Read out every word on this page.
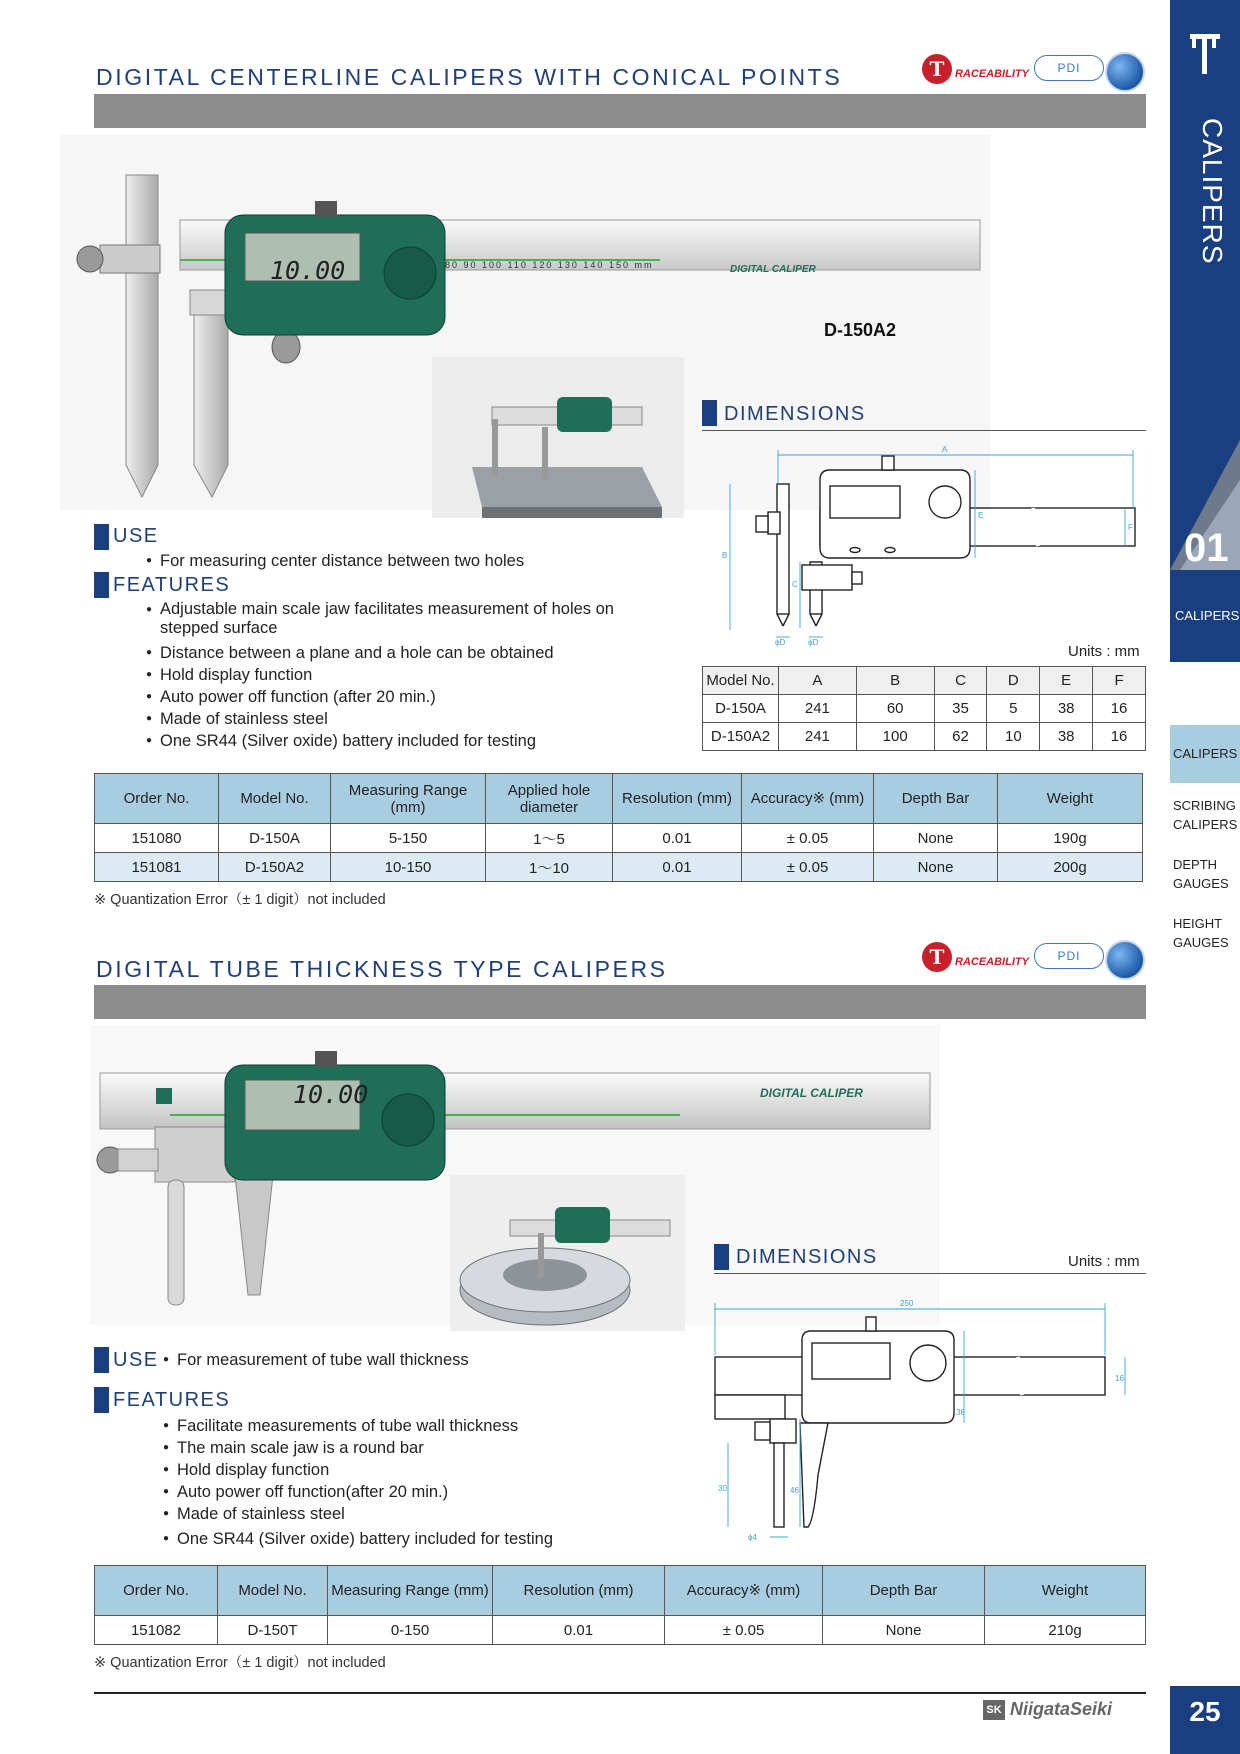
CALIPERS
01
CALIPERS
CALIPERS
SCRIBING CALIPERS
DEPTH GAUGES
HEIGHT GAUGES
DIGITAL CENTERLINE CALIPERS WITH CONICAL POINTS	T RACEABILITY	PDI
10.00	80 90 100 110 120 130 140 150 mm	DIGITAL CALIPER
D-150A2
DIMENSIONS
A
B
C
E
F
ϕD	ϕD
Units : mm
Model No.	A	B	C	D	E	F
D-150A	241	60	35	5	38	16
D-150A2	241	100	62	10	38	16
USE
● For measuring center distance between two holes
FEATURES
● Adjustable main scale jaw facilitates measurement of holes on stepped surface
● Distance between a plane and a hole can be obtained
● Hold display function
● Auto power off function (after 20 min.)
● Made of stainless steel
● One SR44 (Silver oxide) battery included for testing
Order No.	Model No.	Measuring Range (mm)	Applied hole diameter	Resolution (mm)	Accuracy※ (mm)	Depth Bar	Weight
151080	D-150A	5-150	1～5	0.01	± 0.05	None	190g
151081	D-150A2	10-150	1～10	0.01	± 0.05	None	200g
※ Quantization Error（± 1 digit）not included
DIGITAL TUBE THICKNESS TYPE CALIPERS	T RACEABILITY	PDI
10.00	DIGITAL CALIPER
DIMENSIONS	Units : mm
250
16
38
46
30
ϕ4
USE	● For measurement of tube wall thickness
FEATURES
● Facilitate measurements of tube wall thickness
● The main scale jaw is a round bar
● Hold display function
● Auto power off function(after 20 min.)
● Made of stainless steel
● One SR44 (Silver oxide) battery included for testing
Order No.	Model No.	Measuring Range (mm)	Resolution (mm)	Accuracy※ (mm)	Depth Bar	Weight
151082	D-150T	0-150	0.01	± 0.05	None	210g
※ Quantization Error（± 1 digit）not included
SK NiigataSeiki	25
